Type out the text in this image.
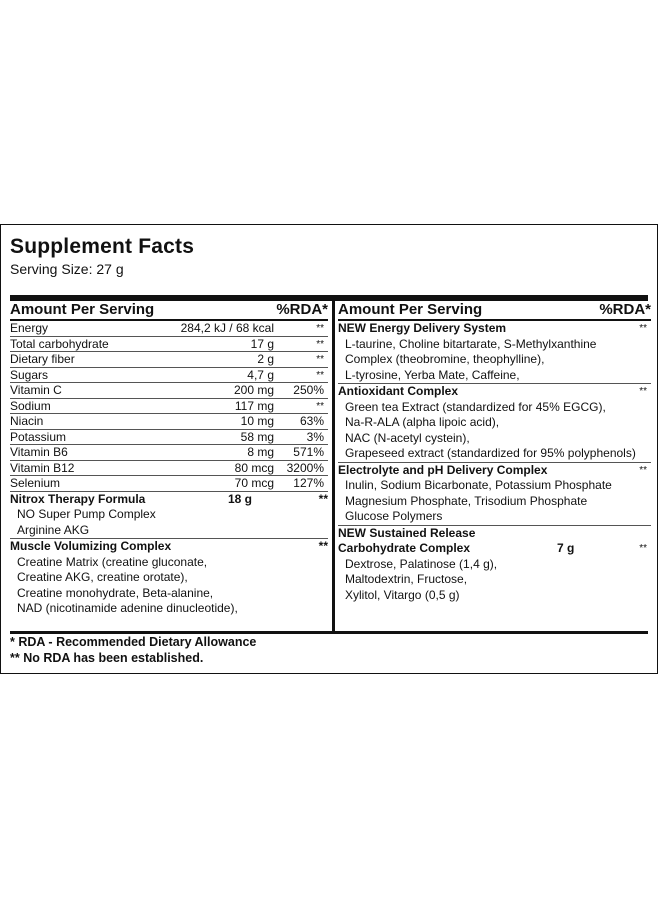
Supplement Facts
Serving Size: 27 g
Amount Per Serving	%RDA*
Energy	284,2 kJ / 68 kcal	**
Total carbohydrate	17 g	**
Dietary fiber	2 g	**
Sugars	4,7 g	**
Vitamin C	200 mg	250%
Sodium	117 mg	**
Niacin	10 mg	63%
Potassium	58 mg	3%
Vitamin B6	8 mg	571%
Vitamin B12	80 mcg	3200%
Selenium	70 mcg	127%
Nitrox Therapy Formula	18 g	**
NO Super Pump Complex
Arginine AKG
Muscle Volumizing Complex	**
Creatine Matrix (creatine gluconate,
Creatine AKG, creatine orotate),
Creatine monohydrate, Beta-alanine,
NAD (nicotinamide adenine dinucleotide),
Amount Per Serving	%RDA*
NEW Energy Delivery System	**
L-taurine, Choline bitartarate, S-Methylxanthine
Complex (theobromine, theophylline),
L-tyrosine, Yerba Mate, Caffeine,
Antioxidant Complex	**
Green tea Extract (standardized for 45% EGCG),
Na-R-ALA (alpha lipoic acid),
NAC (N-acetyl cystein),
Grapeseed extract (standardized for 95% polyphenols)
Electrolyte and pH Delivery Complex	**
Inulin, Sodium Bicarbonate, Potassium Phosphate
Magnesium Phosphate, Trisodium Phosphate
Glucose Polymers
NEW Sustained Release
Carbohydrate Complex	7 g	**
Dextrose, Palatinose (1,4 g),
Maltodextrin, Fructose,
Xylitol, Vitargo (0,5 g)
* RDA - Recommended Dietary Allowance
** No RDA has been established.
